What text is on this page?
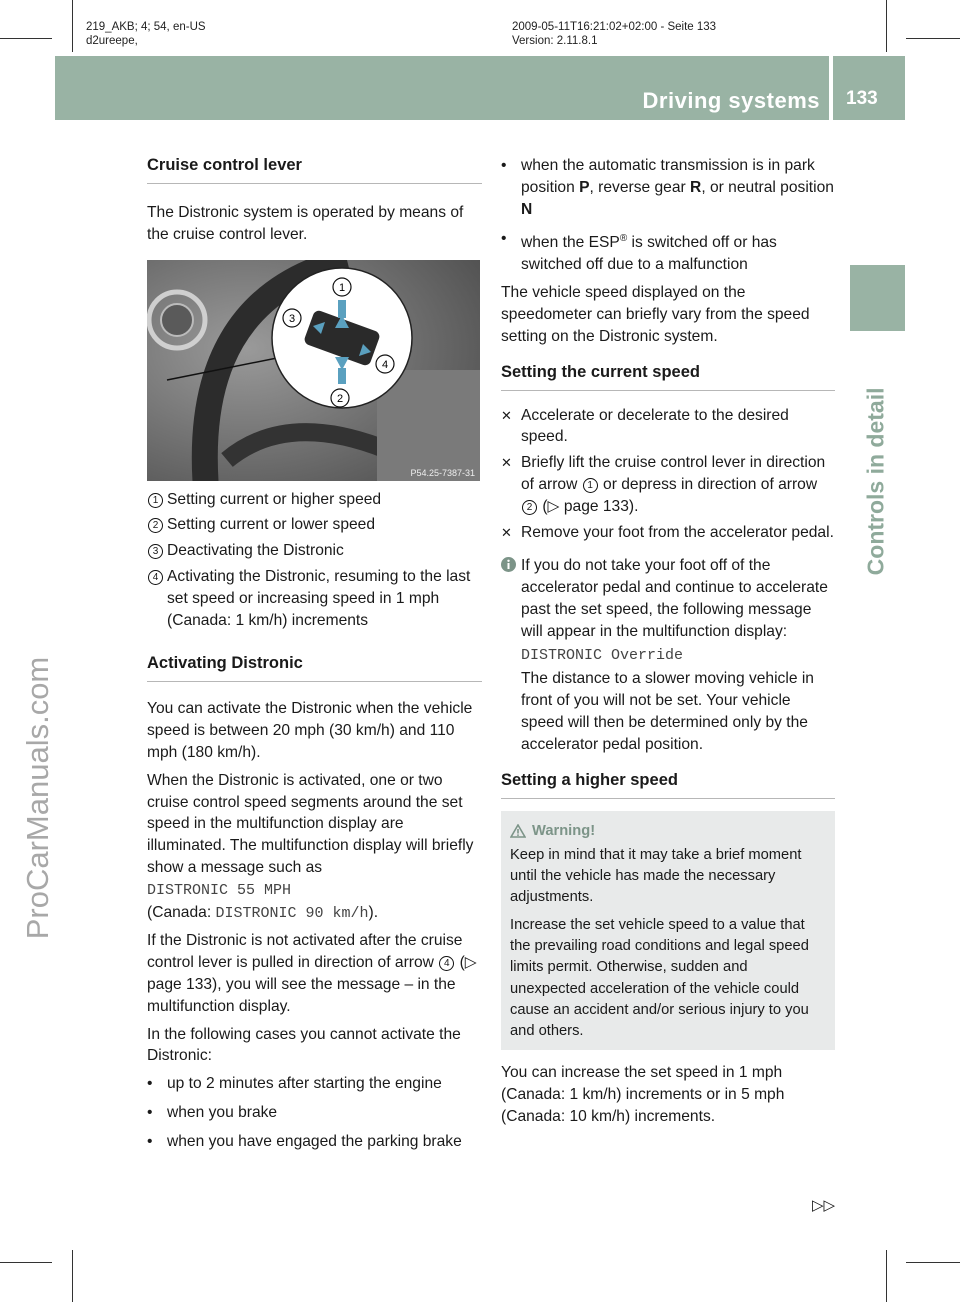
219_AKB; 4; 54, en-US
d2ureepe,
2009-05-11T16:21:02+02:00 - Seite 133
Version: 2.11.8.1
Driving systems 133
Controls in detail
ProCarManuals.com
Cruise control lever

The Distronic system is operated by means of the cruise control lever.

1
2
3
4
P54.25-7387-31
1 Setting current or higher speed
2 Setting current or lower speed
3 Deactivating the Distronic
4 Activating the Distronic, resuming to the last set speed or increasing speed in 1 mph (Canada: 1 km/h) increments
Activating Distronic

You can activate the Distronic when the vehicle speed is between 20 mph (30 km/h) and 110 mph (180 km/h).

When the Distronic is activated, one or two cruise control speed segments around the set speed in the multifunction display are illuminated. The multifunction display will briefly show a message such as
DISTRONIC 55 MPH
(Canada: DISTRONIC 90 km/h).

If the Distronic is not activated after the cruise control lever is pulled in direction of arrow 4 (▷ page 133), you will see the message – in the multifunction display.

In the following cases you cannot activate the Distronic:

• up to 2 minutes after starting the engine
• when you brake
• when you have engaged the parking brake
• when the automatic transmission is in park position P, reverse gear R, or neutral position N
• when the ESP® is switched off or has switched off due to a malfunction

The vehicle speed displayed on the speedometer can briefly vary from the speed setting on the Distronic system.

Setting the current speed
✕ Accelerate or decelerate to the desired speed.
✕ Briefly lift the cruise control lever in direction of arrow 1 or depress in direction of arrow 2 (▷ page 133).
✕ Remove your foot from the accelerator pedal.
If you do not take your foot off of the accelerator pedal and continue to accelerate past the set speed, the following message will appear in the multifunction display:
DISTRONIC Override
The distance to a slower moving vehicle in front of you will not be set. Your vehicle speed will then be determined only by the accelerator pedal position.
Setting a higher speed
Warning!

Keep in mind that it may take a brief moment until the vehicle has made the necessary adjustments.

Increase the set vehicle speed to a value that the prevailing road conditions and legal speed limits permit. Otherwise, sudden and unexpected acceleration of the vehicle could cause an accident and/or serious injury to you and others.

You can increase the set speed in 1 mph (Canada: 1 km/h) increments or in 5 mph (Canada: 10 km/h) increments.

▷▷
